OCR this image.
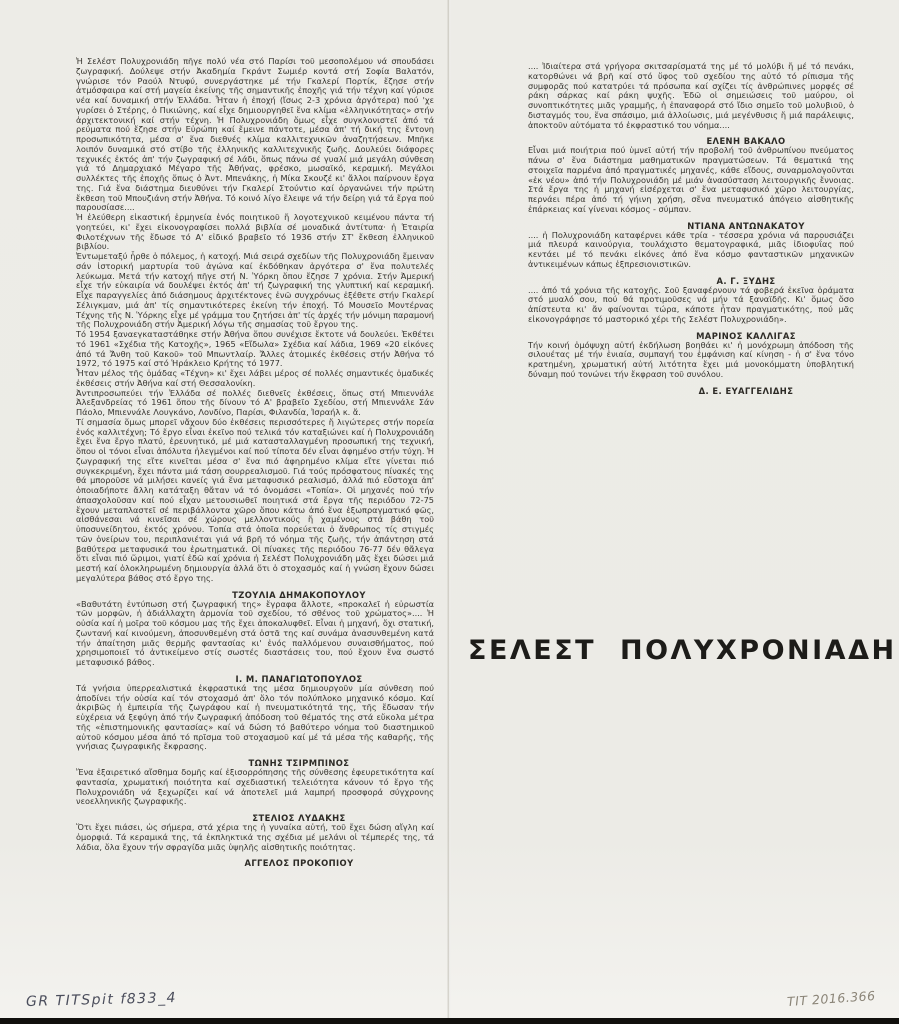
Ἡ Σελέστ Πολυχρονιάδη πῆγε πολύ νέα στό Παρίσι τοῦ μεσοπολέμου νά σπουδάσει ζωγραφική. Δούλεψε στήν Ἀκαδημία Γκράντ Σωμιέρ κοντά στή Σοφία Βαλατόν, γνώρισε τόν Ραούλ Ντυφύ, συνεργάστηκε μέ τήν Γκαλερί Πορτίκ, ἔζησε στήν ἀτμόσφαιρα καί στή μαγεία ἐκείνης τῆς σημαντικῆς ἐποχῆς γιά τήν τέχνη καί γύρισε νέα καί δυναμική στήν Ἑλλάδα. Ἦταν ἡ ἐποχή (ἴσως 2-3 χρόνια ἀργότερα) πού 'χε γυρίσει ὁ Στέρης, ὁ Πικιώνης, καί εἶχε δημιουργηθεῖ ἕνα κλίμα «ἑλληνικότητας» στήν ἀρχιτεκτονική καί στήν τέχνη. Ἡ Πολυχρονιάδη ὅμως εἶχε συγκλονιστεῖ ἀπό τά ρεύματα πού ἔζησε στήν Εὐρώπη καί ἔμεινε πάντοτε, μέσα ἀπ' τή δική της ἔντονη προσωπικότητα, μέσα σ' ἕνα διεθνές κλίμα καλλιτεχνικῶν ἀναζητήσεων. Μπῆκε λοιπόν δυναμικά στό στίβο τῆς ἑλληνικῆς καλλιτεχνικῆς ζωῆς. Δουλεύει διάφορες τεχνικές ἐκτός ἀπ' τήν ζωγραφική σέ λάδι, ὅπως πάνω σέ γυαλί μιά μεγάλη σύνθεση γιά τό Δημαρχιακό Μέγαρο τῆς Ἀθήνας, φρέσκο, μωσαϊκό, κεραμική. Μεγάλοι συλλέκτες τῆς ἐποχῆς ὅπως ὁ Ἀντ. Μπενάκης, ἡ Μίκα Σκουζέ κι' ἄλλοι παίρνουν ἔργα της. Γιά ἕνα διάστημα διευθύνει τήν Γκαλερί Στούντιο καί ὀργανώνει τήν πρώτη ἔκθεση τοῦ Μπουζιάνη στήν Ἀθήνα. Τό κοινό λίγο ἔλειψε νά τήν δείρη γιά τά ἔργα πού παρουσίασε....

Ἡ ἐλεύθερη εἰκαστική ἑρμηνεία ἑνός ποιητικοῦ ἤ λογοτεχνικοῦ κειμένου πάντα τή γοητεύει, κι' ἔχει εἰκονογραφίσει πολλά βιβλία σέ μοναδικά ἀντίτυπα· ἡ Ἑταιρία Φιλοτέχνων τῆς ἔδωσε τό Α' εἰδικό βραβεῖο τό 1936 στήν ΣΤ' ἔκθεση ἑλληνικοῦ βιβλίου.

Ἐντωμεταξύ ἦρθε ὁ πόλεμος, ἡ κατοχή. Μιά σειρά σχεδίων τῆς Πολυχρονιάδη ἔμειναν σάν ἱστορική μαρτυρία τοῦ ἀγώνα καί ἐκδόθηκαν ἀργότερα σ' ἕνα πολυτελές λεύκωμα. Μετά τήν κατοχή πῆγε στή Ν. Ὑόρκη ὅπου ἔζησε 7 χρόνια. Στήν Ἀμερική εἶχε τήν εὐκαιρία νά δουλέψει ἐκτός ἀπ' τή ζωγραφική της γλυπτική καί κεραμική. Εἶχε παραγγελίες ἀπό διάσημους ἀρχιτέκτονες ἐνῶ συγχρόνως ἐξέθετε στήν Γκαλερί Σέλιγκμαν, μιά ἀπ' τίς σημαντικότερες ἐκείνη τήν ἐποχή. Τό Μουσεῖο Μοντέρνας Τέχνης τῆς Ν. Ὑόρκης εἶχε μέ γράμμα του ζητήσει ἀπ' τίς ἀρχές τήν μόνιμη παραμονή τῆς Πολυχρονιάδη στήν Ἀμερική λόγω τῆς σημασίας τοῦ ἔργου της.

Τό 1954 ξαναεγκαταστάθηκε στήν Ἀθήνα ὅπου συνέχισε ἔκτοτε νά δουλεύει. Ἐκθέτει τό 1961 «Σχέδια τῆς Κατοχῆς», 1965 «Εἴδωλα» Σχέδια καί λάδια, 1969 «20 εἰκόνες ἀπό τά Ἄνθη τοῦ Κακοῦ» τοῦ Μπωντλαίρ. Ἄλλες ἀτομικές ἐκθέσεις στήν Ἀθήνα τό 1972, τό 1975 καί στό Ἡράκλειο Κρήτης τό 1977.

Ἦταν μέλος τῆς ὁμάδας «Τέχνη» κι' ἔχει λάβει μέρος σέ πολλές σημαντικές ὁμαδικές ἐκθέσεις στήν Ἀθήνα καί στή Θεσσαλονίκη.

Ἀντιπροσωπεύει τήν Ἑλλάδα σέ πολλές διεθνεῖς ἐκθέσεις, ὅπως στή Μπιεννάλε Ἀλεξανδρείας τό 1961 ὅπου τῆς δίνουν τό Α' βραβεῖο Σχεδίου, στή Μπιεννάλε Σάν Πάολο, Μπιεννάλε Λουγκάνο, Λονδίνο, Παρίσι, Φιλανδία, Ἰσραήλ κ. ἄ.

Τί σημασία ὅμως μπορεῖ νἄχουν δύο ἐκθέσεις περισσότερες ἤ λιγώτερες στήν πορεία ἑνός καλλιτέχνη; Τό ἔργο εἶναι ἐκεῖνο πού τελικά τόν καταξιώνει καί ἡ Πολυχρονιάδη ἔχει ἕνα ἔργο πλατύ, ἐρευνητικό, μέ μιά κατασταλλαγμένη προσωπική της τεχνική, ὅπου οἱ τόνοι εἶναι ἀπόλυτα ἠλεγμένοι καί πού τίποτα δέν εἶναι ἀφημένο στήν τύχη. Ἡ ζωγραφική της εἴτε κινεῖται μέσα σ' ἕνα πιό ἀφηρημένο κλίμα εἴτε γίνεται πιό συγκεκριμένη, ἔχει πάντα μιά τάση σουρρεαλισμοῦ. Γιά τούς πρόσφατους πίνακές της θά μποροῦσε νά μιλήσει κανείς γιά ἕνα μεταφυσικό ρεαλισμό, ἀλλά πιό εὔστοχα ἀπ' ὁποιαδήποτε ἄλλη κατάταξη θἄταν νά τό ὀνομάσει «Τοπία». Οἱ μηχανές πού τήν ἀπασχολοῦσαν καί πού εἶχαν μετουσιωθεῖ ποιητικά στά ἔργα τῆς περιόδου 72-75 ἔχουν μεταπλαστεῖ σέ περιβάλλοντα χῶρο ὅπου κάτω ἀπό ἕνα ἐξωπραγματικό φῶς, αἰσθάνεσαι νά κινεῖσαι σέ χώρους μελλοντικούς ἤ χαμένους στά βάθη τοῦ ὑποσυνείδητου, ἐκτός χρόνου. Τοπία στά ὁποῖα πορεύεται ὁ ἄνθρωπος τίς στιγμές τῶν ὀνείρων του, περιπλανιέται γιά νά βρῆ τό νόημα τῆς ζωῆς, τήν ἀπάντηση στά βαθύτερα μεταφυσικά του ἐρωτηματικά. Οἱ πίνακες τῆς περιόδου 76-77 δέν θἄλεγα ὅτι εἶναι πιό ὥριμοι, γιατί ἐδῶ καί χρόνια ἡ Σελέστ Πολυχρονιάδη μᾶς ἔχει δώσει μιά μεστή καί ὁλοκληρωμένη δημιουργία ἀλλά ὅτι ὁ στοχασμός καί ἡ γνώση ἔχουν δώσει μεγαλύτερα βάθος στό ἔργο της.

ΤΖΟΥΛΙΑ ΔΗΜΑΚΟΠΟΥΛΟΥ

«Βαθυτάτη ἐντύπωση στή ζωγραφική της» ἔγραφα ἄλλοτε, «προκαλεῖ ἡ εὐρωστία τῶν μορφῶν, ἡ ἀδιάλλαχτη ἁρμονία τοῦ σχεδίου, τό σθένος τοῦ χρώματος».... Ἡ οὐσία καί ἡ μοῖρα τοῦ κόσμου μας τῆς ἔχει ἀποκαλυφθεῖ. Εἶναι ἡ μηχανή, ὄχι στατική, ζωντανή καί κινούμενη, ἀποσυνθεμένη στά ὀστᾶ της καί συνάμα ἀνασυνθεμένη κατά τήν ἀπαίτηση μιᾶς θερμῆς φαντασίας κι' ἑνός παλλόμενου συναισθήματος, πού χρησιμοποιεῖ τό ἀντικείμενο στίς σωστές διαστάσεις του, πού ἔχουν ἕνα σωστό μεταφυσικό βάθος.

Ι. Μ. ΠΑΝΑΓΙΩΤΟΠΟΥΛΟΣ

Τά γνήσια ὑπερρεαλιστικά ἐκφραστικά της μέσα δημιουργοῦν μία σύνθεση πού ἀποδίνει τήν οὐσία καί τόν στοχασμό ἀπ' ὅλο τόν πολύπλοκο μηχανικό κόσμο. Καί ἀκριβῶς ἡ ἐμπειρία τῆς ζωγράφου καί ἡ πνευματικότητά της, τῆς ἔδωσαν τήν εὐχέρεια νά ξεφύγη ἀπό τήν ζωγραφική ἀπόδοση τοῦ θέματός της στά εὔκολα μέτρα τῆς «ἐπιστημονικῆς φαντασίας» καί νά δώση τό βαθύτερο νόημα τοῦ διαστημικοῦ αὐτοῦ κόσμου μέσα ἀπό τό πρῖσμα τοῦ στοχασμοῦ καί μέ τά μέσα τῆς καθαρῆς, τῆς γνήσιας ζωγραφικῆς ἔκφρασης.

ΤΩΝΗΣ ΤΣΙΡΜΠΙΝΟΣ

Ἕνα ἐξαιρετικό αἴσθημα δομῆς καί ἐξισορρόπησης τῆς σύνθεσης ἐφευρετικότητα καί φαντασία, χρωματική ποιότητα καί σχεδιαστική τελειότητα κάνουν τό ἔργο τῆς Πολυχρονιάδη νά ξεχωρίζει καί νά ἀποτελεῖ μιά λαμπρή προσφορά σύγχρονης νεοελληνικῆς ζωγραφικῆς.

ΣΤΕΛΙΟΣ ΛΥΔΑΚΗΣ

Ὅτι ἔχει πιάσει, ὡς σήμερα, στά χέρια της ἡ γυναίκα αὐτή, τοῦ ἔχει δώση αἴγλη καί ὀμορφιά. Τά κεραμικά της, τά ἐκπληκτικά της σχέδια μέ μελάνι οἱ τέμπερές της, τά λάδια, ὅλα ἔχουν τήν σφραγίδα μιᾶς ὑψηλῆς αἰσθητικῆς ποιότητας.

ΑΓΓΕΛΟΣ ΠΡΟΚΟΠΙΟΥ

.... Ἰδιαίτερα στά γρήγορα σκιτσαρίσματά της μέ τό μολύβι ἤ μέ τό πενάκι, κατορθώνει νά βρῆ καί στό ὕφος τοῦ σχεδίου της αὐτό τό ρίπισμα τῆς συμφορᾶς πού κατατρύει τά πρόσωπα καί σχίζει τίς ἀνθρώπινες μορφές σέ ράκη σάρκας καί ράκη ψυχῆς. Ἐδῶ οἱ σημειώσεις τοῦ μαύρου, οἱ συνοπτικότητες μιᾶς γραμμῆς, ἡ ἐπαναφορά στό ἴδιο σημεῖο τοῦ μολυβιοῦ, ὁ δισταγμός του, ἕνα σπάσιμο, μιά ἀλλοίωσις, μιά μεγένθυσις ἤ μιά παράλειψις, ἀποκτοῦν αὐτόματα τό ἐκφραστικό του νόημα....

ΕΛΕΝΗ ΒΑΚΑΛΟ

Εἶναι μιά ποιήτρια πού ὑμνεῖ αὐτή τήν προβολή τοῦ ἀνθρωπίνου πνεύματος πάνω σ' ἕνα διάστημα μαθηματικῶν πραγματώσεων. Τά θεματικά της στοιχεῖα παρμένα ἀπό πραγματικές μηχανές, κάθε εἴδους, συναρμολογοῦνται «ἐκ νέου» ἀπό τήν Πολυχρονιάδη μέ μιάν ἀνασύσταση λειτουργικῆς ἔννοιας. Στά ἔργα της ἡ μηχανή εἰσέρχεται σ' ἕνα μεταφυσικό χῶρο λειτουργίας, περνάει πέρα ἀπό τή γήινη χρήση, σἔνα πνευματικό ἀπόγειο αἰσθητικῆς ἐπάρκειας καί γίνεναι κόσμος - σύμπαν.

ΝΤΙΑΝΑ ΑΝΤΩΝΑΚΑΤΟΥ

.... ἡ Πολυχρονιάδη καταφέρνει κάθε τρία - τέσσερα χρόνια νά παρουσιάζει μιά πλευρά καινούργια, τουλάχιστο θεματογραφικά, μιᾶς ἰδιοφυΐας πού κεντάει μέ τό πενάκι εἰκόνες ἀπό ἕνα κόσμο φανταστικῶν μηχανικῶν ἀντικειμένων κάπως ἐξπρεσιονιστικῶν.

Α. Γ. ΞΥΔΗΣ

.... ἀπό τά χρόνια τῆς κατοχῆς. Σοῦ ξαναφέρνουν τά φοβερά ἐκεῖνα ὁράματα στό μυαλό σου, πού θά προτιμοῦσες νά μήν τά ξαναϊδῆς. Κι' ὅμως ὅσο ἀπίστευτα κι' ἄν φαίνονται τώρα, κάποτε ἦταν πραγματικότης, πού μᾶς εἰκονογράφησε τό μαστορικό χέρι τῆς Σελέστ Πολυχρονιάδη».

ΜΑΡΙΝΟΣ ΚΑΛΛΙΓΑΣ

Τήν κοινή ὁμόψυχη αὐτή ἐκδήλωση βοηθάει κι' ἡ μονόχρωμη ἀπόδοση τῆς σιλουέτας μέ τήν ἑνιαία, συμπαγή του ἐμφάνιση καί κίνηση - ἡ σ' ἕνα τόνο κρατημένη, χρωματική αὐτή λιτότητα ἔχει μιά μονοκόμματη ὑποβλητική δύναμη πού τονώνει τήν ἔκφραση τοῦ συνόλου.

Δ. Ε. ΕΥΑΓΓΕΛΙΔΗΣ
ΣΕΛΕΣΤ ΠΟΛΥΧΡΟΝΙΑΔΗ
GR TITSpit f833_4	TIT 2016.366
